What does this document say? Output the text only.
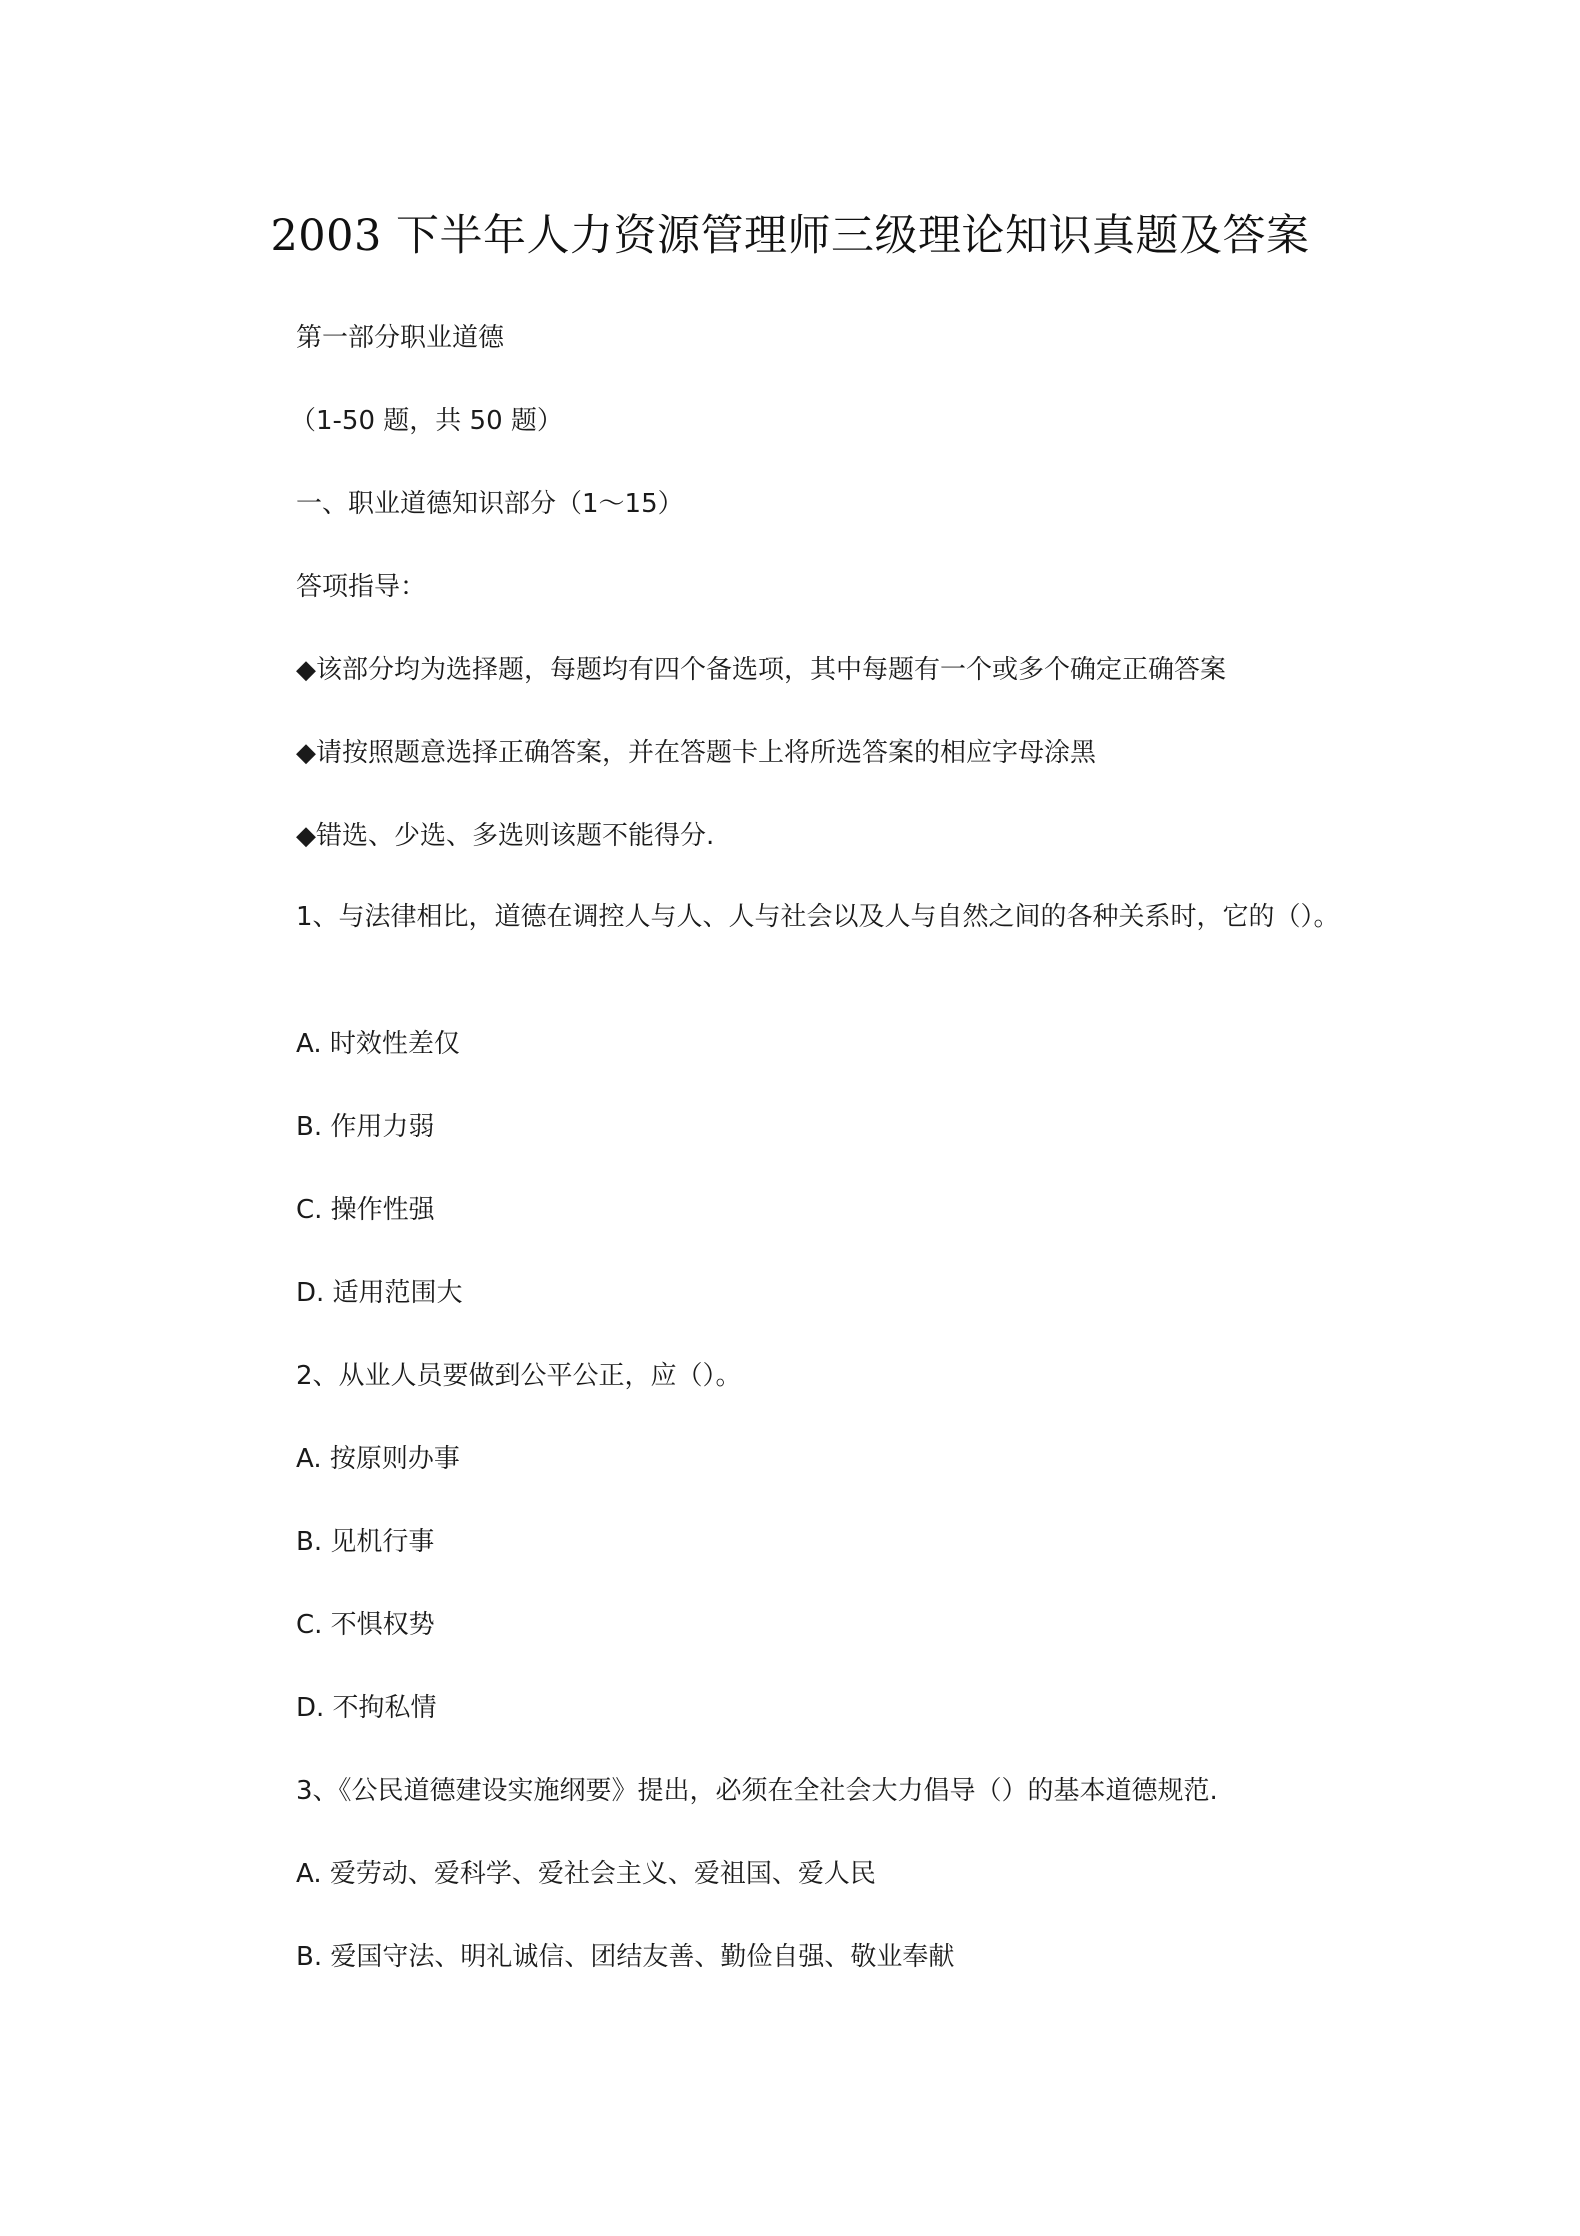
2003 下半年人力资源管理师三级理论知识真题及答案
第一部分职业道德
（1-50 题，共 50 题）
一、职业道德知识部分（1～15）
答项指导：
◆该部分均为选择题，每题均有四个备选项，其中每题有一个或多个确定正确答案
◆请按照题意选择正确答案，并在答题卡上将所选答案的相应字母涂黑
◆错选、少选、多选则该题不能得分.
1、与法律相比，道德在调控人与人、人与社会以及人与自然之间的各种关系时，它的（）。
A. 时效性差仅
B. 作用力弱
C. 操作性强
D. 适用范围大
2、从业人员要做到公平公正，应（）。
A. 按原则办事
B. 见机行事
C. 不惧权势
D. 不拘私情
3、《公民道德建设实施纲要》提出，必须在全社会大力倡导（）的基本道德规范.
A. 爱劳动、爱科学、爱社会主义、爱祖国、爱人民
B. 爱国守法、明礼诚信、团结友善、勤俭自强、敬业奉献
